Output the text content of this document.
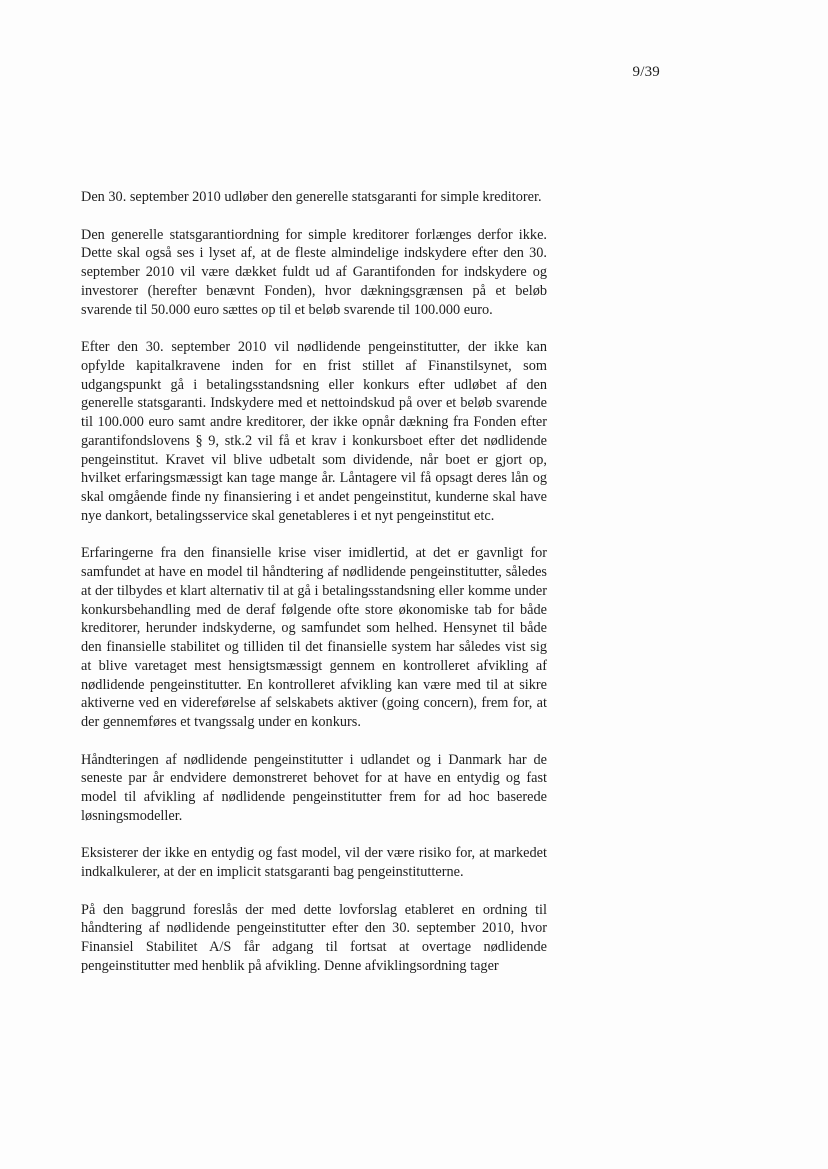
9/39

Den 30. september 2010 udløber den generelle statsgaranti for simple kreditorer.

Den generelle statsgarantiordning for simple kreditorer forlænges derfor ikke. Dette skal også ses i lyset af, at de fleste almindelige indskydere efter den 30. september 2010 vil være dækket fuldt ud af Garantifonden for indskydere og investorer (herefter benævnt Fonden), hvor dækningsgrænsen på et beløb svarende til 50.000 euro sættes op til et beløb svarende til 100.000 euro.

Efter den 30. september 2010 vil nødlidende pengeinstitutter, der ikke kan opfylde kapitalkravene inden for en frist stillet af Finanstilsynet, som udgangspunkt gå i betalingsstandsning eller konkurs efter udløbet af den generelle statsgaranti. Indskydere med et nettoindskud på over et beløb svarende til 100.000 euro samt andre kreditorer, der ikke opnår dækning fra Fonden efter garantifondslovens § 9, stk.2 vil få et krav i konkursboet efter det nødlidende pengeinstitut. Kravet vil blive udbetalt som dividende, når boet er gjort op, hvilket erfaringsmæssigt kan tage mange år. Låntagere vil få opsagt deres lån og skal omgående finde ny finansiering i et andet pengeinstitut, kunderne skal have nye dankort, betalingsservice skal genetableres i et nyt pengeinstitut etc.

Erfaringerne fra den finansielle krise viser imidlertid, at det er gavnligt for samfundet at have en model til håndtering af nødlidende pengeinstitutter, således at der tilbydes et klart alternativ til at gå i betalingsstandsning eller komme under konkursbehandling med de deraf følgende ofte store økonomiske tab for både kreditorer, herunder indskyderne, og samfundet som helhed. Hensynet til både den finansielle stabilitet og tilliden til det finansielle system har således vist sig at blive varetaget mest hensigtsmæssigt gennem en kontrolleret afvikling af nødlidende pengeinstitutter. En kontrolleret afvikling kan være med til at sikre aktiverne ved en videreførelse af selskabets aktiver (going concern), frem for, at der gennemføres et tvangssalg under en konkurs.

Håndteringen af nødlidende pengeinstitutter i udlandet og i Danmark har de seneste par år endvidere demonstreret behovet for at have en entydig og fast model til afvikling af nødlidende pengeinstitutter frem for ad hoc baserede løsningsmodeller.

Eksisterer der ikke en entydig og fast model, vil der være risiko for, at markedet indkalkulerer, at der en implicit statsgaranti bag pengeinstitutterne.

På den baggrund foreslås der med dette lovforslag etableret en ordning til håndtering af nødlidende pengeinstitutter efter den 30. september 2010, hvor Finansiel Stabilitet A/S får adgang til fortsat at overtage nødlidende pengeinstitutter med henblik på afvikling. Denne afviklingsordning tager
